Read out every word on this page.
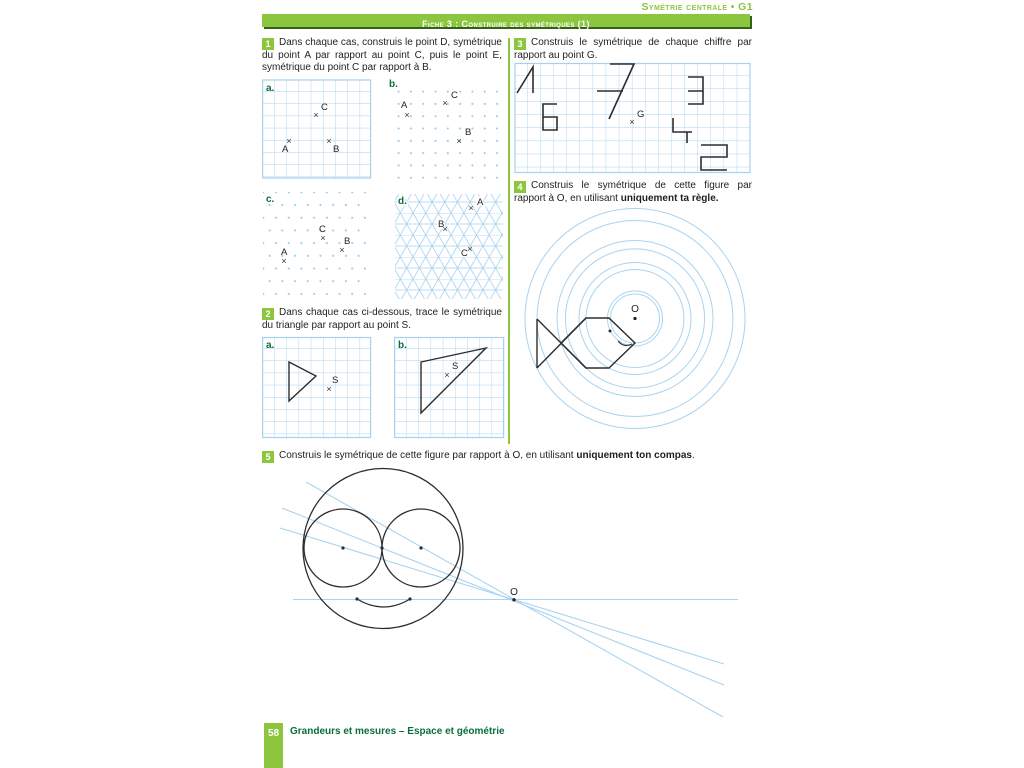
Symétrie centrale • G1
Fiche 3 : Construire des symétriques (1)
1 Dans chaque cas, construis le point D, symétrique du point A par rapport au point C, puis le point E, symétrique du point C par rapport à B.
a.
×
C
×
A
×
B
b.
×
C
A
×
×
B
c.
C
× B
×
A
×
d.
× A
B
×
C ×
2 Dans chaque cas ci-dessous, trace le symétrique du triangle par rapport au point S.
a.
S
×
b.
S
×
3 Construis le symétrique de chaque chiffre par rapport au point G.
G
×
4 Construis le symétrique de cette figure par rapport à O, en utilisant uniquement ta règle.
O
5 Construis le symétrique de cette figure par rapport à O, en utilisant uniquement ton compas.
O
58	Grandeurs et mesures – Espace et géométrie
